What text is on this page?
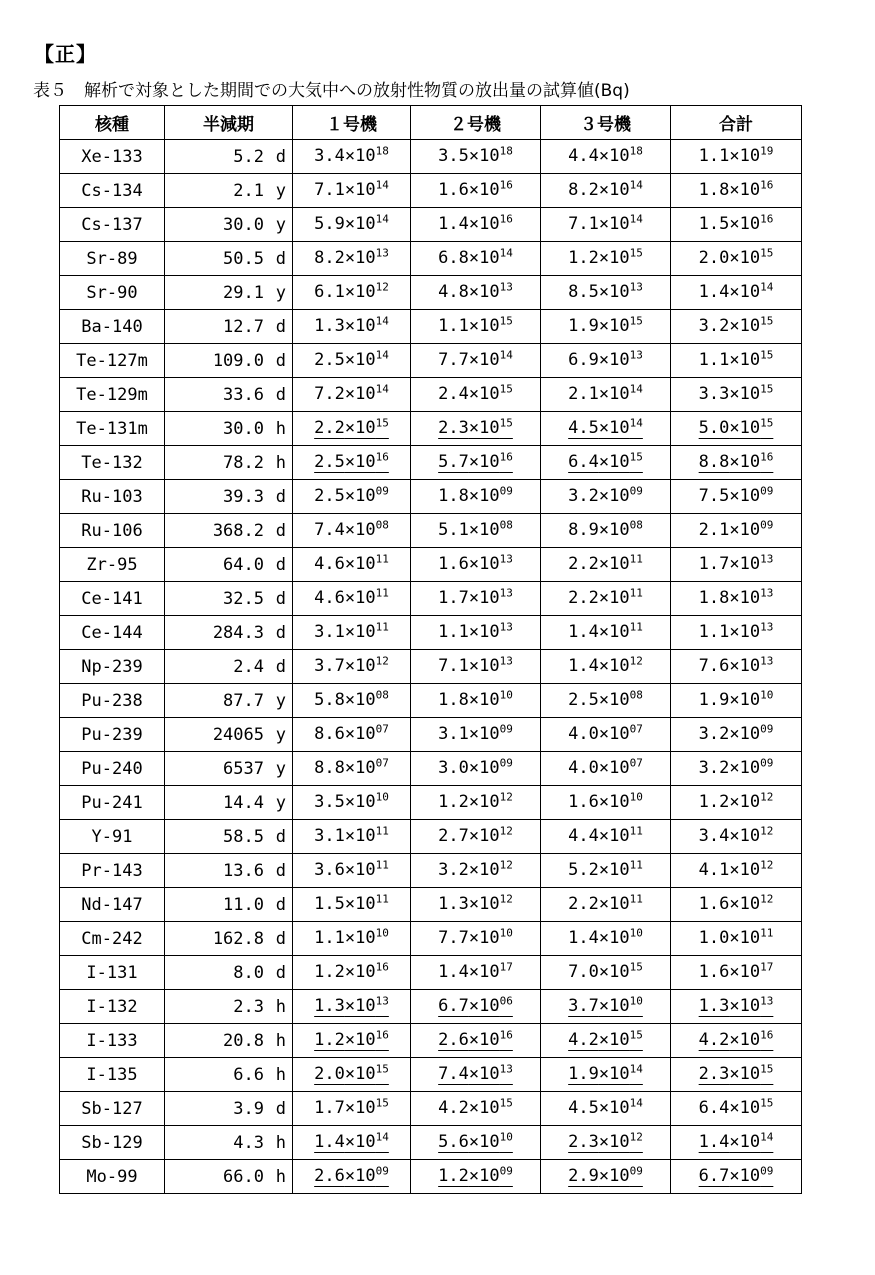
【正】
表５　解析で対象とした期間での大気中への放射性物質の放出量の試算値(Bq)
核種	半減期	１号機	２号機	３号機	合計
Xe-133	5.2 d	$3.4\times 10^{18}$	$3.5\times 10^{18}$	$4.4\times 10^{18}$	$1.1\times 10^{19}$
Cs-134	2.1 y	$7.1\times 10^{14}$	$1.6\times 10^{16}$	$8.2\times 10^{14}$	$1.8\times 10^{16}$
Cs-137	30.0 y	$5.9\times 10^{14}$	$1.4\times 10^{16}$	$7.1\times 10^{14}$	$1.5\times 10^{16}$
Sr-89	50.5 d	$8.2\times 10^{13}$	$6.8\times 10^{14}$	$1.2\times 10^{15}$	$2.0\times 10^{15}$
Sr-90	29.1 y	$6.1\times 10^{12}$	$4.8\times 10^{13}$	$8.5\times 10^{13}$	$1.4\times 10^{14}$
Ba-140	12.7 d	$1.3\times 10^{14}$	$1.1\times 10^{15}$	$1.9\times 10^{15}$	$3.2\times 10^{15}$
Te-127m	109.0 d	$2.5\times 10^{14}$	$7.7\times 10^{14}$	$6.9\times 10^{13}$	$1.1\times 10^{15}$
Te-129m	33.6 d	$7.2\times 10^{14}$	$2.4\times 10^{15}$	$2.1\times 10^{14}$	$3.3\times 10^{15}$
Te-131m	30.0 h	$2.2\times 10^{15}$	$2.3\times 10^{15}$	$4.5\times 10^{14}$	$5.0\times 10^{15}$
Te-132	78.2 h	$2.5\times 10^{16}$	$5.7\times 10^{16}$	$6.4\times 10^{15}$	$8.8\times 10^{16}$
Ru-103	39.3 d	$2.5\times 10^{09}$	$1.8\times 10^{09}$	$3.2\times 10^{09}$	$7.5\times 10^{09}$
Ru-106	368.2 d	$7.4\times 10^{08}$	$5.1\times 10^{08}$	$8.9\times 10^{08}$	$2.1\times 10^{09}$
Zr-95	64.0 d	$4.6\times 10^{11}$	$1.6\times 10^{13}$	$2.2\times 10^{11}$	$1.7\times 10^{13}$
Ce-141	32.5 d	$4.6\times 10^{11}$	$1.7\times 10^{13}$	$2.2\times 10^{11}$	$1.8\times 10^{13}$
Ce-144	284.3 d	$3.1\times 10^{11}$	$1.1\times 10^{13}$	$1.4\times 10^{11}$	$1.1\times 10^{13}$
Np-239	2.4 d	$3.7\times 10^{12}$	$7.1\times 10^{13}$	$1.4\times 10^{12}$	$7.6\times 10^{13}$
Pu-238	87.7 y	$5.8\times 10^{08}$	$1.8\times 10^{10}$	$2.5\times 10^{08}$	$1.9\times 10^{10}$
Pu-239	24065 y	$8.6\times 10^{07}$	$3.1\times 10^{09}$	$4.0\times 10^{07}$	$3.2\times 10^{09}$
Pu-240	6537 y	$8.8\times 10^{07}$	$3.0\times 10^{09}$	$4.0\times 10^{07}$	$3.2\times 10^{09}$
Pu-241	14.4 y	$3.5\times 10^{10}$	$1.2\times 10^{12}$	$1.6\times 10^{10}$	$1.2\times 10^{12}$
Y-91	58.5 d	$3.1\times 10^{11}$	$2.7\times 10^{12}$	$4.4\times 10^{11}$	$3.4\times 10^{12}$
Pr-143	13.6 d	$3.6\times 10^{11}$	$3.2\times 10^{12}$	$5.2\times 10^{11}$	$4.1\times 10^{12}$
Nd-147	11.0 d	$1.5\times 10^{11}$	$1.3\times 10^{12}$	$2.2\times 10^{11}$	$1.6\times 10^{12}$
Cm-242	162.8 d	$1.1\times 10^{10}$	$7.7\times 10^{10}$	$1.4\times 10^{10}$	$1.0\times 10^{11}$
I-131	8.0 d	$1.2\times 10^{16}$	$1.4\times 10^{17}$	$7.0\times 10^{15}$	$1.6\times 10^{17}$
I-132	2.3 h	$1.3\times 10^{13}$	$6.7\times 10^{06}$	$3.7\times 10^{10}$	$1.3\times 10^{13}$
I-133	20.8 h	$1.2\times 10^{16}$	$2.6\times 10^{16}$	$4.2\times 10^{15}$	$4.2\times 10^{16}$
I-135	6.6 h	$2.0\times 10^{15}$	$7.4\times 10^{13}$	$1.9\times 10^{14}$	$2.3\times 10^{15}$
Sb-127	3.9 d	$1.7\times 10^{15}$	$4.2\times 10^{15}$	$4.5\times 10^{14}$	$6.4\times 10^{15}$
Sb-129	4.3 h	$1.4\times 10^{14}$	$5.6\times 10^{10}$	$2.3\times 10^{12}$	$1.4\times 10^{14}$
Mo-99	66.0 h	$2.6\times 10^{09}$	$1.2\times 10^{09}$	$2.9\times 10^{09}$	$6.7\times 10^{09}$
